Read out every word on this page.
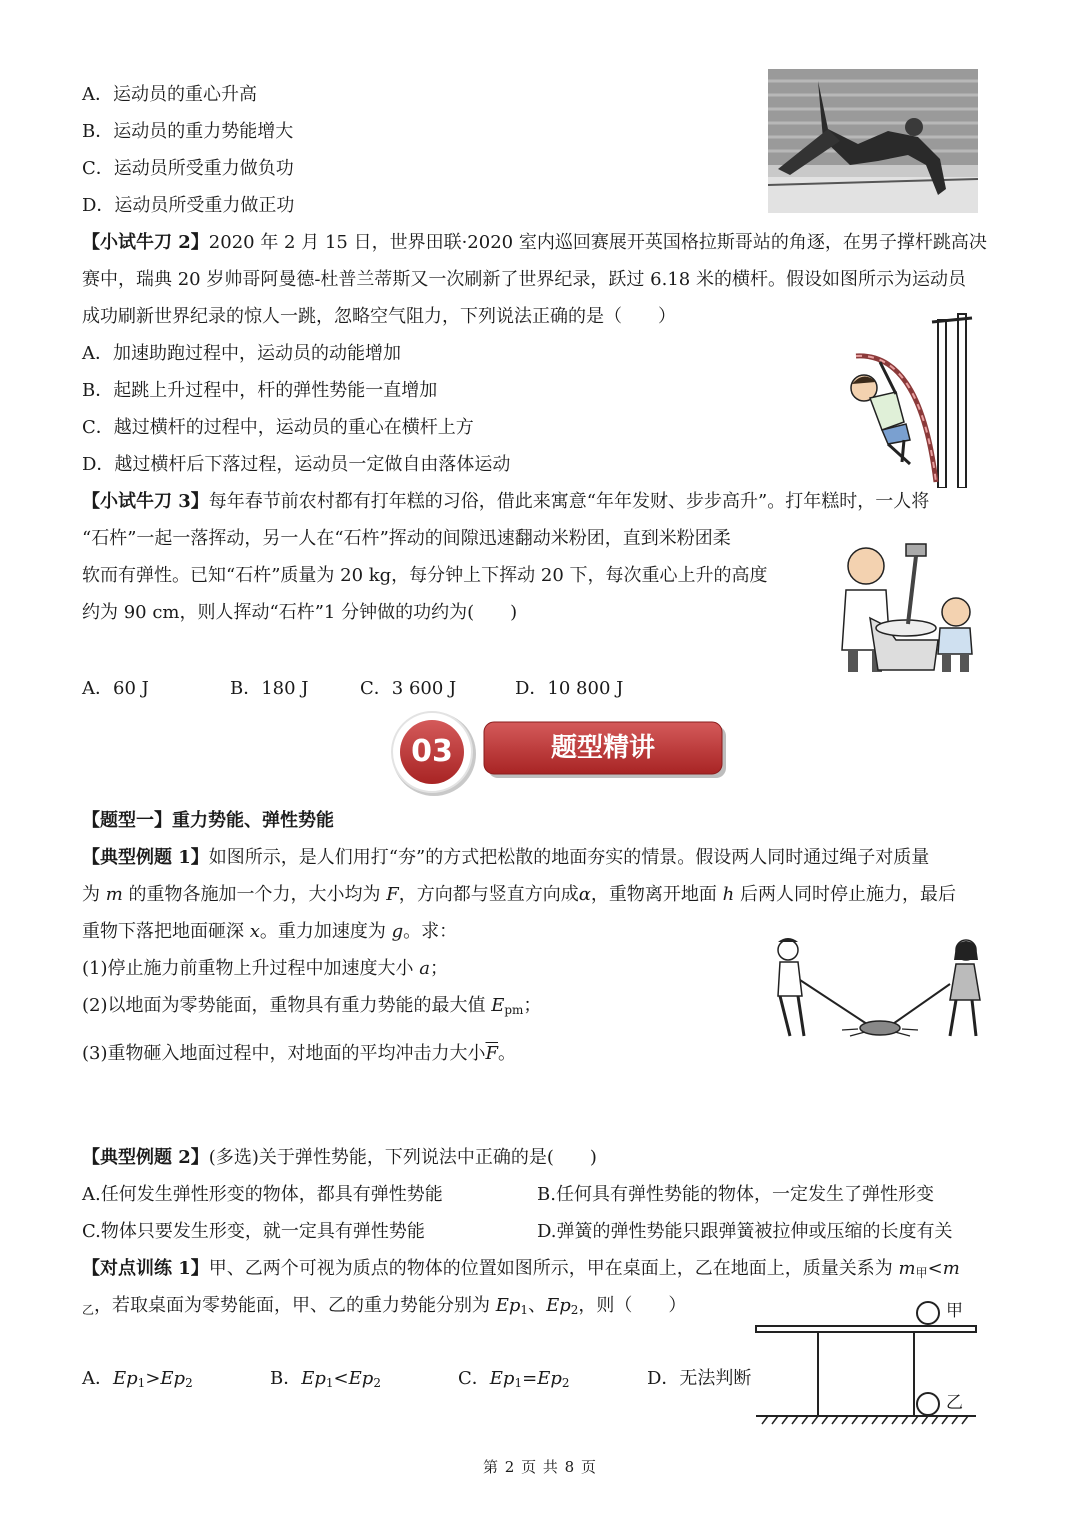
A．运动员的重心升高
B．运动员的重力势能增大
C．运动员所受重力做负功
D．运动员所受重力做正功
【小试牛刀 2】2020 年 2 月 15 日，世界田联·2020 室内巡回赛展开英国格拉斯哥站的角逐，在男子撑杆跳高决
赛中，瑞典 20 岁帅哥阿曼德-杜普兰蒂斯又一次刷新了世界纪录，跃过 6.18 米的横杆。假设如图所示为运动员
成功刷新世界纪录的惊人一跳，忽略空气阻力，下列说法正确的是（　　）
A．加速助跑过程中，运动员的动能增加
B．起跳上升过程中，杆的弹性势能一直增加
C．越过横杆的过程中，运动员的重心在横杆上方
D．越过横杆后下落过程，运动员一定做自由落体运动
【小试牛刀 3】每年春节前农村都有打年糕的习俗，借此来寓意“年年发财、步步高升”。打年糕时，一人将
“石杵”一起一落挥动，另一人在“石杵”挥动的间隙迅速翻动米粉团，直到米粉团柔
软而有弹性。已知“石杵”质量为 20 kg，每分钟上下挥动 20 下，每次重心上升的高度
约为 90 cm，则人挥动“石杵”1 分钟做的功约为(　　)
A．60 J	B．180 J	C．3 600 J	D．10 800 J
03	题型精讲
【题型一】重力势能、弹性势能
【典型例题 1】如图所示，是人们用打“夯”的方式把松散的地面夯实的情景。假设两人同时通过绳子对质量
为 m 的重物各施加一个力，大小均为 F，方向都与竖直方向成α，重物离开地面 h 后两人同时停止施力，最后
重物下落把地面砸深 x。重力加速度为 g。求：
(1)停止施力前重物上升过程中加速度大小 a；
(2)以地面为零势能面，重物具有重力势能的最大值 $E_{pm}$；
(3)重物砸入地面过程中，对地面的平均冲击力大小$\overline{F}$。
【典型例题 2】(多选)关于弹性势能，下列说法中正确的是(　　)
A.任何发生弹性形变的物体，都具有弹性势能	B.任何具有弹性势能的物体，一定发生了弹性形变
C.物体只要发生形变，就一定具有弹性势能	D.弹簧的弹性势能只跟弹簧被拉伸或压缩的长度有关
【对点训练 1】甲、乙两个可视为质点的物体的位置如图所示，甲在桌面上，乙在地面上，质量关系为 $m_甲<m$
$_乙$，若取桌面为零势能面，甲、乙的重力势能分别为 $Ep_1$、$Ep_2$，则（　　）
A．$Ep_1>Ep_2$	B．$Ep_1<Ep_2$	C．$Ep_1=Ep_2$	D．无法判断
甲
乙
第 2 页 共 8 页
